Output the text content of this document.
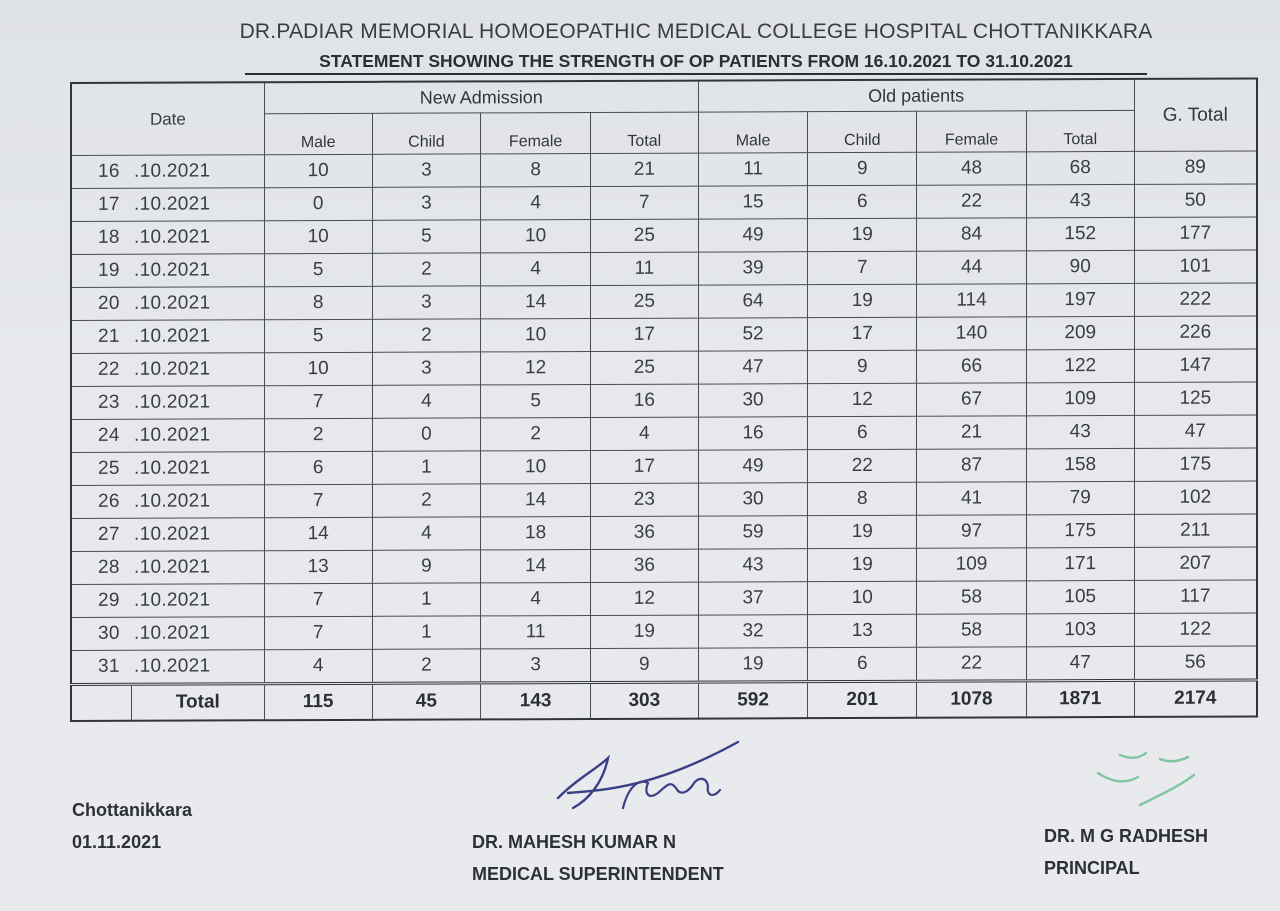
DR.PADIAR MEMORIAL HOMOEOPATHIC MEDICAL COLLEGE HOSPITAL CHOTTANIKKARA
STATEMENT SHOWING THE STRENGTH OF OP PATIENTS FROM 16.10.2021 TO 31.10.2021
Date		New Admission				Old patients				G. Total
		Male	Child	Female	Total	Male	Child	Female	Total	
16 .10.2021		10	3	8	21	11	9	48	68	89
17 .10.2021		0	3	4	7	15	6	22	43	50
18 .10.2021		10	5	10	25	49	19	84	152	177
19 .10.2021		5	2	4	11	39	7	44	90	101
20 .10.2021		8	3	14	25	64	19	114	197	222
21 .10.2021		5	2	10	17	52	17	140	209	226
22 .10.2021		10	3	12	25	47	9	66	122	147
23 .10.2021		7	4	5	16	30	12	67	109	125
24 .10.2021		2	0	2	4	16	6	21	43	47
25 .10.2021		6	1	10	17	49	22	87	158	175
26 .10.2021		7	2	14	23	30	8	41	79	102
27 .10.2021		14	4	18	36	59	19	97	175	211
28 .10.2021		13	9	14	36	43	19	109	171	207
29 .10.2021		7	1	4	12	37	10	58	105	117
30 .10.2021		7	1	11	19	32	13	58	103	122
31 .10.2021		4	2	3	9	19	6	22	47	56
	Total	115	45	143	303	592	201	1078	1871	2174
Chottanikkara
01.11.2021	DR. MAHESH KUMAR N
MEDICAL SUPERINTENDENT
DR. M G RADHESH
PRINCIPAL
